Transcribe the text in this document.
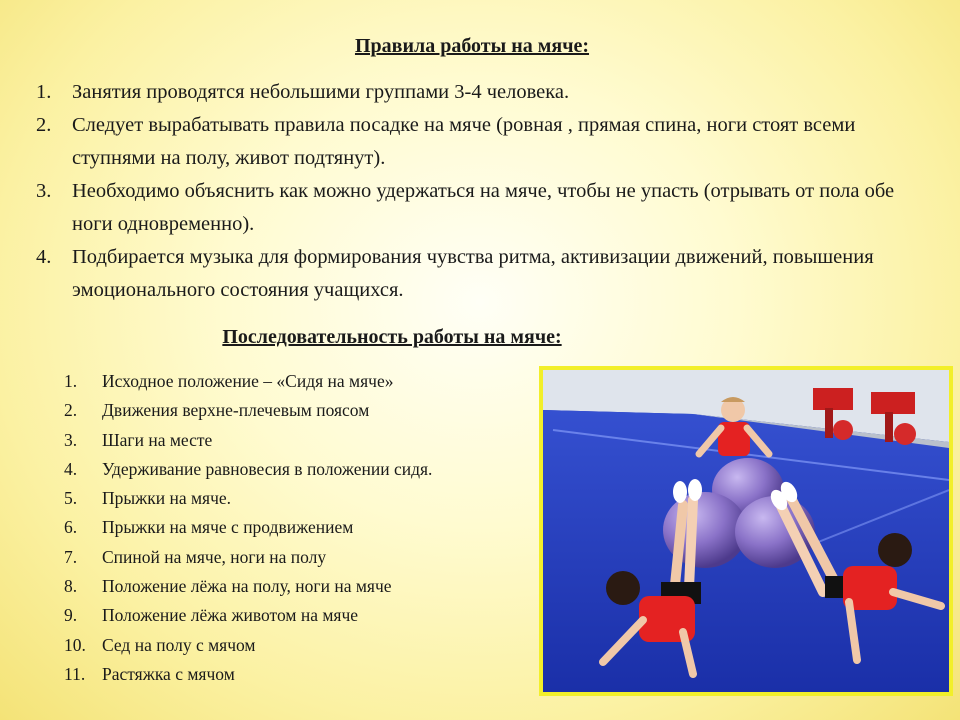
Правила работы на мяче:
1.	Занятия проводятся небольшими группами 3-4 человека.
2.	Следует вырабатывать правила посадке на мяче (ровная , прямая спина, ноги стоят всеми ступнями на полу, живот подтянут).
3.	Необходимо объяснить как можно удержаться на мяче, чтобы не упасть (отрывать от пола обе ноги одновременно).
4.	Подбирается музыка для формирования чувства ритма, активизации движений, повышения эмоционального состояния учащихся.
Последовательность работы на мяче:
1.	Исходное положение – «Сидя на мяче»
2.	Движения верхне-плечевым поясом
3.	Шаги на месте
4.	Удерживание равновесия в положении сидя.
5.	Прыжки на мяче.
6.	Прыжки на мяче с продвижением
7.	Спиной на мяче, ноги на полу
8.	Положение лёжа на полу, ноги на мяче
9.	Положение лёжа животом на мяче
10. Сед на полу с мячом
11. Растяжка с мячом
